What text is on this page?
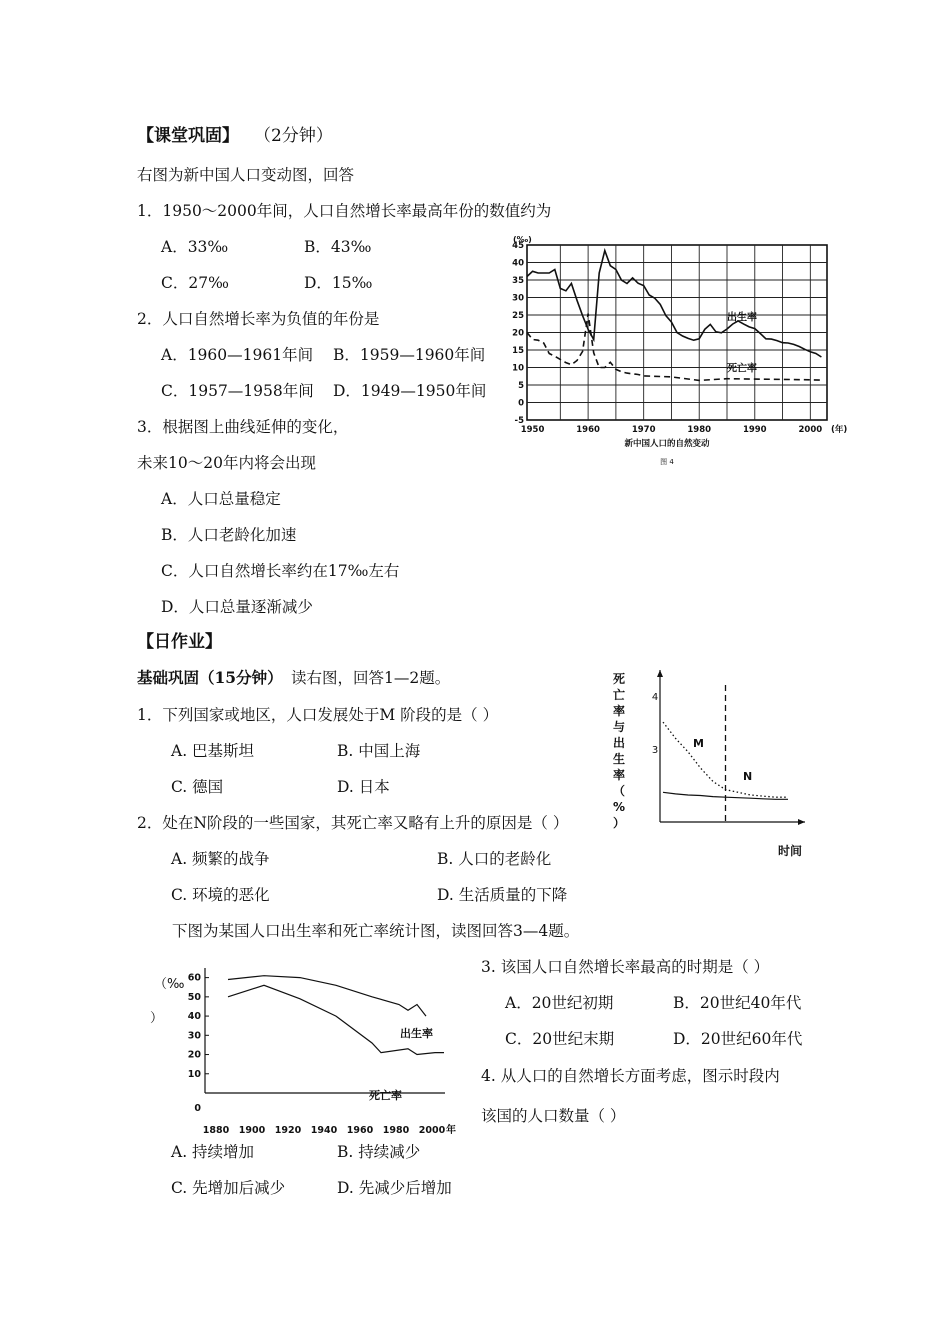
【课堂巩固】 （2分钟）
右图为新中国人口变动图，回答
1．1950～2000年间，人口自然增长率最高年份的数值约为
A．33‰	B．43‰
C．27‰	D．15‰
2．人口自然增长率为负值的年份是
A．1960—1961年间 B．1959—1960年间
C．1957—1958年间 D．1949—1950年间
3．根据图上曲线延伸的变化，
未来10～20年内将会出现
A．人口总量稳定
B．人口老龄化加速
C．人口自然增长率约在17‰左右
D．人口总量逐渐减少
-5
0
5
10
15
20
25
30
35
40
45
1950	1960	1970	1980	1990	2000
(‰)
(年)
新中国人口的自然变动
图 4
出生率
死亡率
【日作业】
基础巩固（15分钟） 读右图，回答1—2题。
1．下列国家或地区，人口发展处于M 阶段的是（ ）
A. 巴基斯坦	B. 中国上海
C. 德国	D. 日本
2．处在N阶段的一些国家，其死亡率又略有上升的原因是（ ）
A. 频繁的战争	B. 人口的老龄化
C. 环境的恶化	D. 生活质量的下降
下图为某国人口出生率和死亡率统计图，读图回答3—4题。
3. 该国人口自然增长率最高的时期是（ ）
A．20世纪初期	B．20世纪40年代
C．20世纪末期	D．20世纪60年代
4. 从人口的自然增长方面考虑，图示时段内
该国的人口数量（ ）
A. 持续增加	B. 持续减少
C. 先增加后减少	D. 先减少后增加
死
亡
率
与
出
生
率
（
%
）
时间
4
3
M
N
0
10
20
30
40
50
60
1880 1900 1920 1940 1960 1980 2000 年
（‰
）
出生率
死亡率
